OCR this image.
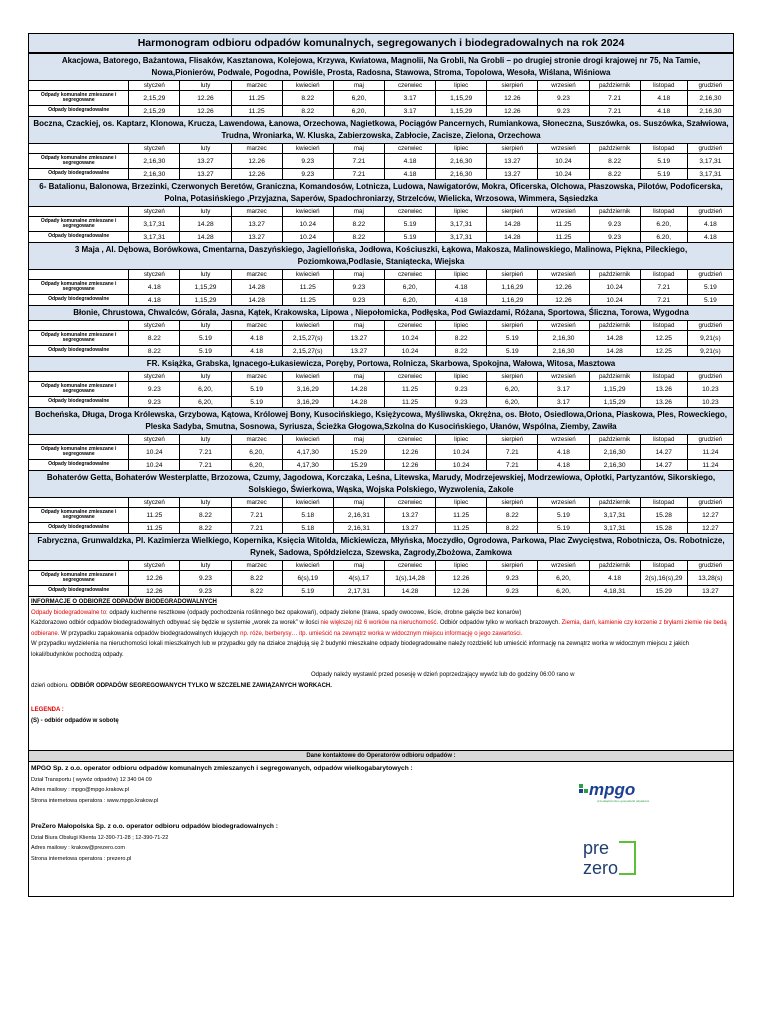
Harmonogram odbioru odpadów komunalnych, segregowanych i biodegradowalnych na rok 2024
Akacjowa, Batorego, Bażantowa, Flisaków, Kasztanowa, Kolejowa, Krzywa, Kwiatowa, Magnolii, Na Grobli, Na Grobli – po drugiej stronie drogi krajowej nr 75, Na Tamie, Nowa,Pionierów, Podwale, Pogodna, Powiśle, Prosta, Radosna, Stawowa, Stroma, Topolowa, Wesoła, Wiślana, Wiśniowa												
	styczeń	luty	marzec	kwiecień	maj	czerwiec	lipiec	sierpień	wrzesień	październik	listopad	grudzień
Odpady komunalne zmieszane i segregowane	2,15,29	12.26	11.25	8.22	6,20,	3.17	1,15,29	12.26	9.23	7.21	4.18	2,16,30
Odpady biodegradowalne	2,15,29	12.26	11.25	8.22	6,20,	3.17	1,15,29	12.26	9.23	7.21	4.18	2,16,30
Boczna, Czackiej, os. Kaptarz, Klonowa, Krucza, Lawendowa, Łanowa, Orzechowa, Nagietkowa, Pociągów Pancernych, Rumiankowa, Słoneczna, Suszówka, os. Suszówka, Szałwiowa, Trudna, Wroniarka, W. Kluska, Zabierzowska, Zabłocie, Zacisze, Zielona, Orzechowa												
	styczeń	luty	marzec	kwiecień	maj	czerwiec	lipiec	sierpień	wrzesień	październik	listopad	grudzień
Odpady komunalne zmieszane i segregowane	2,16,30	13.27	12.26	9.23	7.21	4.18	2,16,30	13.27	10.24	8.22	5.19	3,17,31
Odpady biodegradowalne	2,16,30	13.27	12.26	9.23	7.21	4.18	2,16,30	13.27	10.24	8.22	5.19	3,17,31
6- Batalionu, Balonowa, Brzezinki, Czerwonych Beretów, Graniczna, Komandosów, Lotnicza, Ludowa, Nawigatorów, Mokra, Oficerska, Olchowa, Płaszowska, Pilotów, Podoficerska, Polna, Potasińskiego ,Przyjazna, Saperów, Spadochroniarzy, Strzelców, Wielicka, Wrzosowa, Wimmera, Sąsiedzka												
	styczeń	luty	marzec	kwiecień	maj	czerwiec	lipiec	sierpień	wrzesień	październik	listopad	grudzień
Odpady komunalne zmieszane i segregowane	3,17,31	14.28	13.27	10.24	8.22	5.19	3,17,31	14.28	11.25	9.23	6.20,	4.18
Odpady biodegradowalne	3,17,31	14.28	13.27	10.24	8.22	5.19	3,17,31	14.28	11.25	9.23	6.20,	4.18
3 Maja , Al. Dębowa, Borówkowa, Cmentarna, Daszyńskiego, Jagiellońska, Jodłowa, Kościuszki, Łąkowa, Makosza, Malinowskiego, Malinowa, Piękna, Pileckiego, Poziomkowa,Podlasie, Staniątecka, Wiejska												
	styczeń	luty	marzec	kwiecień	maj	czerwiec	lipiec	sierpień	wrzesień	październik	listopad	grudzień
Odpady komunalne zmieszane i segregowane	4.18	1,15,29	14.28	11.25	9.23	6,20,	4.18	1,16,29	12.26	10.24	7.21	5.19
Odpady biodegradowalne	4.18	1,15,29	14.28	11.25	9.23	6,20,	4.18	1,16,29	12.26	10.24	7.21	5.19
Błonie, Chrustowa, Chwalców, Górala, Jasna, Kątek, Krakowska, Lipowa , Niepołomicka, Podłęska, Pod Gwiazdami, Różana, Sportowa, Śliczna, Torowa, Wygodna												
	styczeń	luty	marzec	kwiecień	maj	czerwiec	lipiec	sierpień	wrzesień	październik	listopad	grudzień
Odpady komunalne zmieszane i segregowane	8.22	5.19	4.18	2,15,27(s)	13.27	10.24	8.22	5.19	2,16,30	14.28	12.25	9,21(s)
Odpady biodegradowalne	8.22	5.19	4.18	2,15,27(s)	13.27	10.24	8.22	5.19	2,16,30	14.28	12.25	9,21(s)
FR. Książka, Grabska, Ignacego-Łukasiewicza, Poręby, Portowa, Rolnicza, Skarbowa, Spokojna, Wałowa, Witosa, Masztowa												
	styczeń	luty	marzec	kwiecień	maj	czerwiec	lipiec	sierpień	wrzesień	październik	listopad	grudzień
Odpady komunalne zmieszane i segregowane	9.23	6,20,	5.19	3,16,29	14.28	11.25	9.23	6,20,	3.17	1,15,29	13.26	10.23
Odpady biodegradowalne	9.23	6,20,	5.19	3,16,29	14.28	11.25	9.23	6,20,	3.17	1,15,29	13.26	10.23
Bocheńska, Długa, Droga Królewska, Grzybowa, Kątowa, Królowej Bony, Kusocińskiego, Księżycowa, Myśliwska, Okrężna, os. Błoto, Osiedlowa,Oriona, Piaskowa, Ples, Roweckiego, Pleska Sadyba, Smutna, Sosnowa, Syriusza, Ścieżka Głogowa,Szkolna do Kusocińskiego, Ułanów, Wspólna, Ziemby, Zawiła												
	styczeń	luty	marzec	kwiecień	maj	czerwiec	lipiec	sierpień	wrzesień	październik	listopad	grudzień
Odpady komunalne zmieszane i segregowane	10.24	7.21	6,20,	4,17,30	15.29	12.26	10.24	7.21	4.18	2,16,30	14.27	11.24
Odpady biodegradowalne	10.24	7.21	6,20,	4,17,30	15.29	12.26	10.24	7.21	4.18	2,16,30	14.27	11.24
Bohaterów Getta, Bohaterów Westerplatte, Brzozowa, Czumy, Jagodowa, Korczaka, Leśna, Litewska, Marudy, Modrzejewskiej, Modrzewiowa, Opłotki, Partyzantów, Sikorskiego, Solskiego, Świerkowa, Wąska, Wojska Polskiego, Wyzwolenia, Zakole												
	styczeń	luty	marzec	kwiecień	maj	czerwiec	lipiec	sierpień	wrzesień	październik	listopad	grudzień
Odpady komunalne zmieszane i segregowane	11.25	8.22	7.21	5.18	2,16,31	13.27	11.25	8.22	5.19	3,17,31	15.28	12.27
Odpady biodegradowalne	11.25	8.22	7.21	5.18	2,16,31	13.27	11.25	8.22	5.19	3,17,31	15.28	12.27
Fabryczna, Grunwaldzka, Pl. Kazimierza Wielkiego, Kopernika, Księcia Witolda, Mickiewicza, Młyńska, Moczydło, Ogrodowa, Parkowa, Plac Zwycięstwa, Robotnicza, Os. Robotnicze, Rynek, Sadowa, Spółdzielcza, Szewska, Zagrody,Zbożowa, Zamkowa												
	styczeń	luty	marzec	kwiecień	maj	czerwiec	lipiec	sierpień	wrzesień	październik	listopad	grudzień
Odpady komunalne zmieszane i segregowane	12.26	9.23	8.22	6(s),19	4(s),17	1(s),14,28	12.26	9.23	6,20,	4.18	2(s),16(s),29	13,28(s)
Odpady biodegradowalne	12.26	9.23	8.22	5.19	2,17,31	14.28	12.26	9.23	6,20,	4,18,31	15.29	13.27
INFORMACJE O ODBIORZE ODPADÓW BIODEGRADOWALNYCH
Odpady biodegradowalne to: odpady kuchenne resztkowe (odpady pochodzenia roślinnego bez opakowań), odpady zielone (trawa, spady owocowe, liście, drobne gałęzie bez konarów)
Każdorazowo odbiór odpadów biodegradowalnych odbywać się będzie w systemie „worek za worek” w ilości nie większej niż 6 worków na nieruchomość. Odbiór odpadów tylko w workach brazowych. Ziemia, darń, kamienie czy korzenie z bryłami ziemie nie bedą odbierane. W przypadku zapakowania odpadów biodegradowalnych kłujących np. róże, berberysy… itp. umieścić na zewnątrz worka w widocznym miejscu informację o jego zawartości.
W przypadku wydzielenia na nieruchomości lokali mieszkalnych lub w przypadku gdy na działce znajdują się 2 budynki mieszkalne odpady biodegradowalne należy rozdzielić lub umieścić informację na zewnątrz worka w widocznym miejscu z jakich lokali/budynków pochodzą odpady.
Odpady należy wystawić przed posesję w dzień poprzedzający wywóz lub do godziny 06:00 rano w
dzień odbioru. ODBIÓR ODPADÓW SEGREGOWANYCH TYLKO W SZCZELNIE ZAWIĄZANYCH WORKACH.
LEGENDA :
(S) - odbiór odpadów w sobotę
Dane kontaktowe do Operatorów odbioru odpadów :
MPGO Sp. z o.o. operator odbioru odpadów komunalnych zmieszanych i segregowanych, odpadów wielkogabarytowych :
Dział Transportu ( wywóz odpadów) 12 340 04 09
Adres mailowy : mpgo@mpgo.krakow.pl
Strona internetowa operatora : www.mpgo.krakow.pl
PreZero Małopolska Sp. z o.o. operator odbioru odpadów biodegradowalnych :
Dział Biura Obsługi Klienta 12-390-71-28 ; 12-390-71-22
Adres mailowy : krakow@prezero.com
Strona internetowa operatora : prezero.pl
mpgo
przedsiębiorstwo gospodarki odpadami
pre
zero
